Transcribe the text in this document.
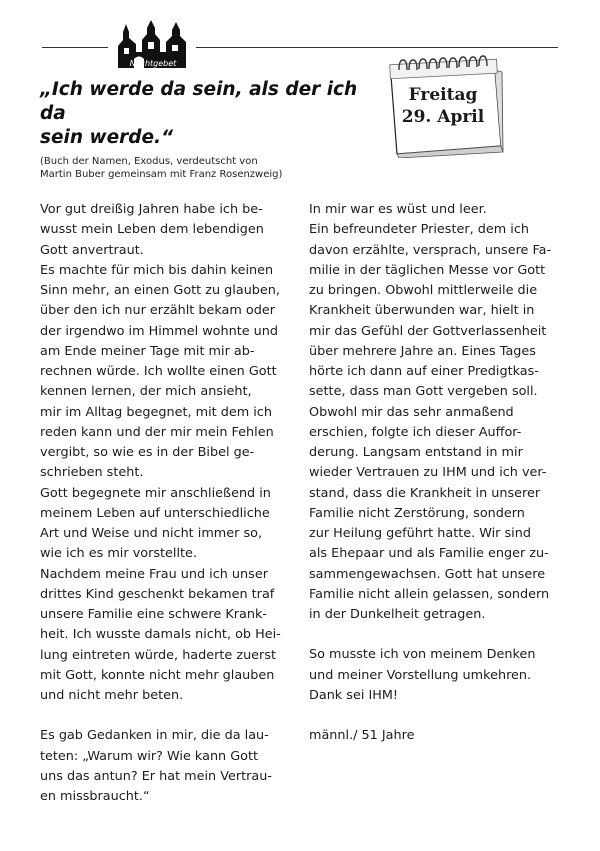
Nachtgebet

„Ich werde da sein, als der ich da
sein werde.“

(Buch der Namen, Exodus, verdeutscht von
Martin Buber gemeinsam mit Franz Rosenzweig)
Freitag
29. April

Vor gut dreißig Jahren habe ich be-

wusst mein Leben dem lebendigen

Gott anvertraut.

Es machte für mich bis dahin keinen

Sinn mehr, an einen Gott zu glauben,

über den ich nur erzählt bekam oder

der irgendwo im Himmel wohnte und

am Ende meiner Tage mit mir ab-

rechnen würde. Ich wollte einen Gott

kennen lernen, der mich ansieht,

mir im Alltag begegnet, mit dem ich

reden kann und der mir mein Fehlen

vergibt, so wie es in der Bibel ge-

schrieben steht.

Gott begegnete mir anschließend in

meinem Leben auf unterschiedliche

Art und Weise und nicht immer so,

wie ich es mir vorstellte.

Nachdem meine Frau und ich unser

drittes Kind geschenkt bekamen traf

unsere Familie eine schwere Krank-

heit. Ich wusste damals nicht, ob Hei-

lung eintreten würde, haderte zuerst

mit Gott, konnte nicht mehr glauben

und nicht mehr beten.

Es gab Gedanken in mir, die da lau-

teten: „Warum wir? Wie kann Gott

uns das antun? Er hat mein Vertrau-

en missbraucht.“

In mir war es wüst und leer.

Ein befreundeter Priester, dem ich

davon erzählte, versprach, unsere Fa-

milie in der täglichen Messe vor Gott

zu bringen. Obwohl mittlerweile die

Krankheit überwunden war, hielt in

mir das Gefühl der Gottverlassenheit

über mehrere Jahre an. Eines Tages

hörte ich dann auf einer Predigtkas-

sette, dass man Gott vergeben soll.

Obwohl mir das sehr anmaßend

erschien, folgte ich dieser Auffor-

derung. Langsam entstand in mir

wieder Vertrauen zu IHM und ich ver-

stand, dass die Krankheit in unserer

Familie nicht Zerstörung, sondern

zur Heilung geführt hatte. Wir sind

als Ehepaar und als Familie enger zu-

sammengewachsen. Gott hat unsere

Familie nicht allein gelassen, sondern

in der Dunkelheit getragen.

So musste ich von meinem Denken

und meiner Vorstellung umkehren.

Dank sei IHM!

männl./ 51 Jahre
